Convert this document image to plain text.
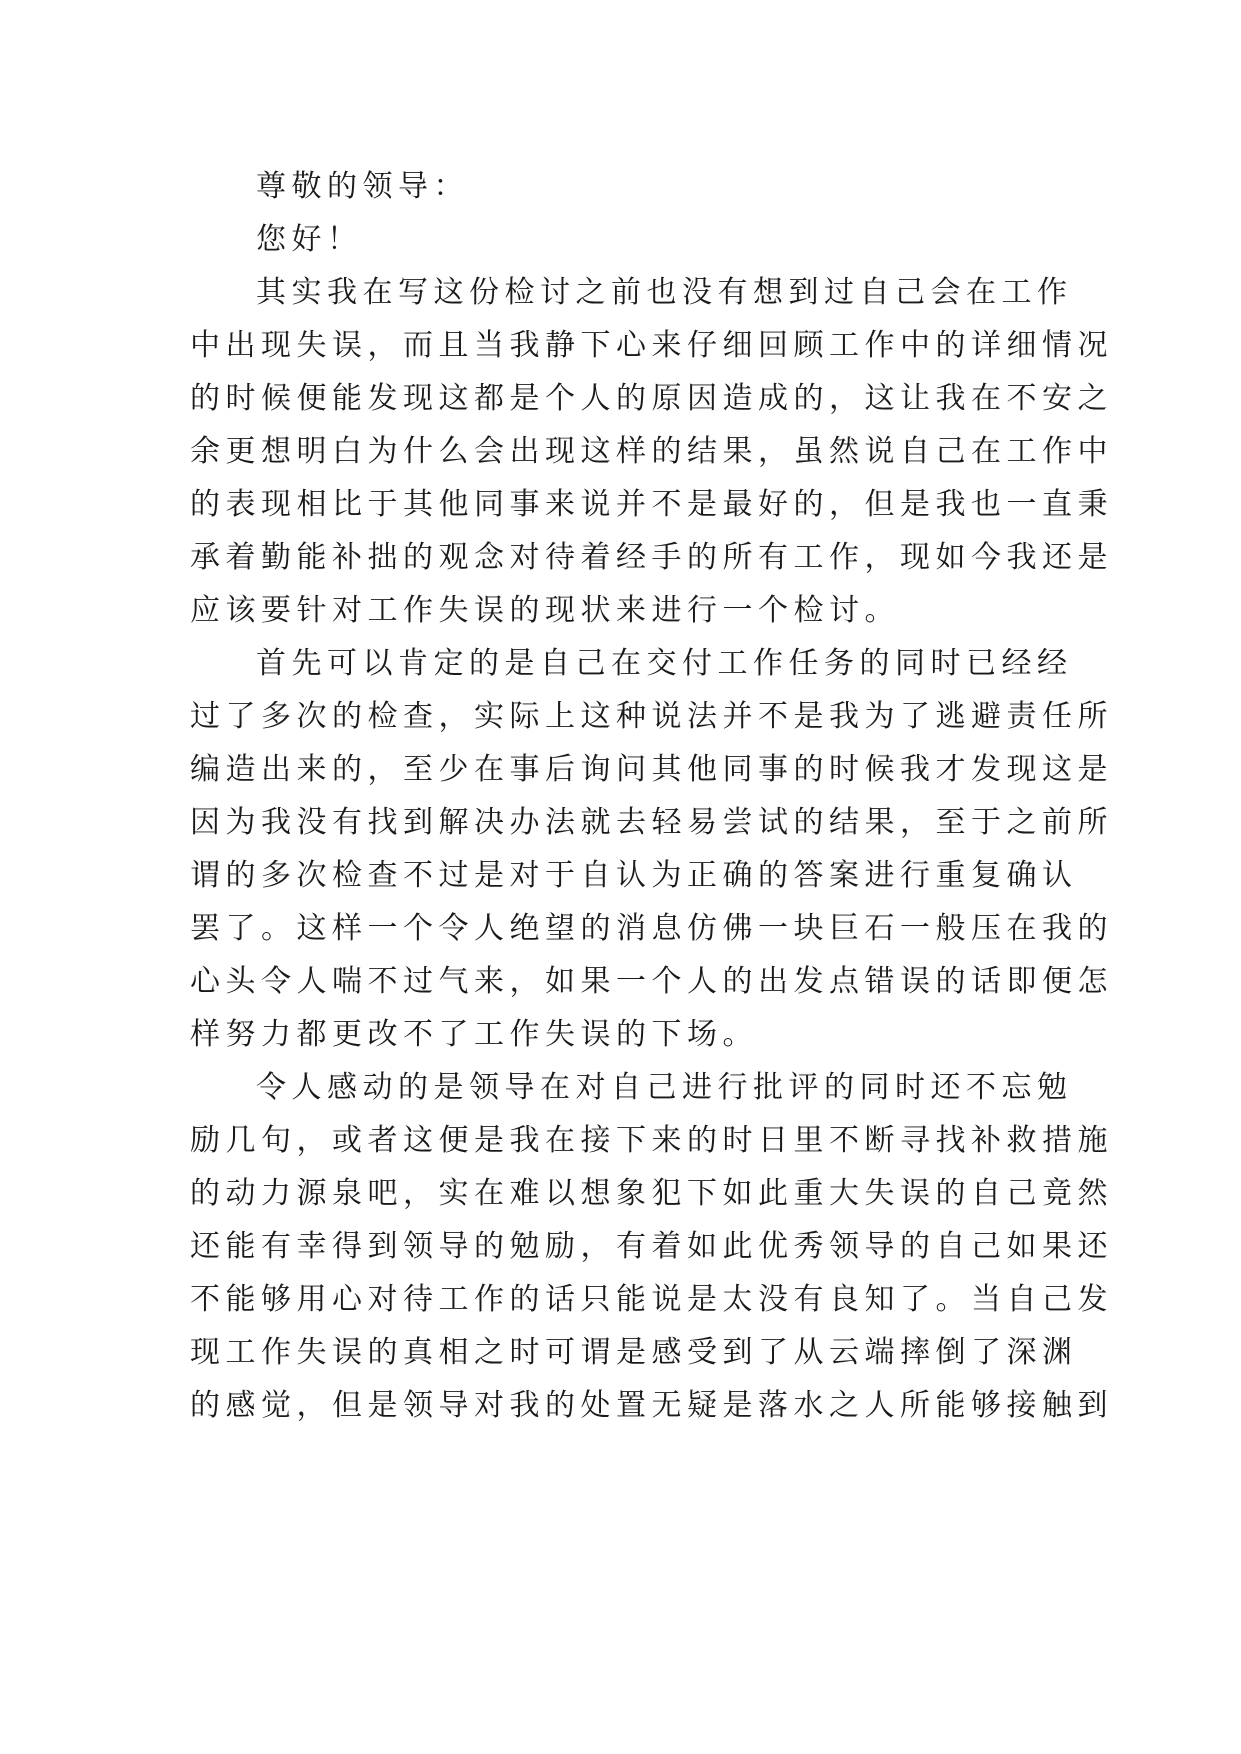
尊敬的领导：
您好！
其实我在写这份检讨之前也没有想到过自己会在工作
中出现失误，而且当我静下心来仔细回顾工作中的详细情况
的时候便能发现这都是个人的原因造成的，这让我在不安之
余更想明白为什么会出现这样的结果，虽然说自己在工作中
的表现相比于其他同事来说并不是最好的，但是我也一直秉
承着勤能补拙的观念对待着经手的所有工作，现如今我还是
应该要针对工作失误的现状来进行一个检讨。
首先可以肯定的是自己在交付工作任务的同时已经经
过了多次的检查，实际上这种说法并不是我为了逃避责任所
编造出来的，至少在事后询问其他同事的时候我才发现这是
因为我没有找到解决办法就去轻易尝试的结果，至于之前所
谓的多次检查不过是对于自认为正确的答案进行重复确认
罢了。这样一个令人绝望的消息仿佛一块巨石一般压在我的
心头令人喘不过气来，如果一个人的出发点错误的话即便怎
样努力都更改不了工作失误的下场。
令人感动的是领导在对自己进行批评的同时还不忘勉
励几句，或者这便是我在接下来的时日里不断寻找补救措施
的动力源泉吧，实在难以想象犯下如此重大失误的自己竟然
还能有幸得到领导的勉励，有着如此优秀领导的自己如果还
不能够用心对待工作的话只能说是太没有良知了。当自己发
现工作失误的真相之时可谓是感受到了从云端摔倒了深渊
的感觉，但是领导对我的处置无疑是落水之人所能够接触到
